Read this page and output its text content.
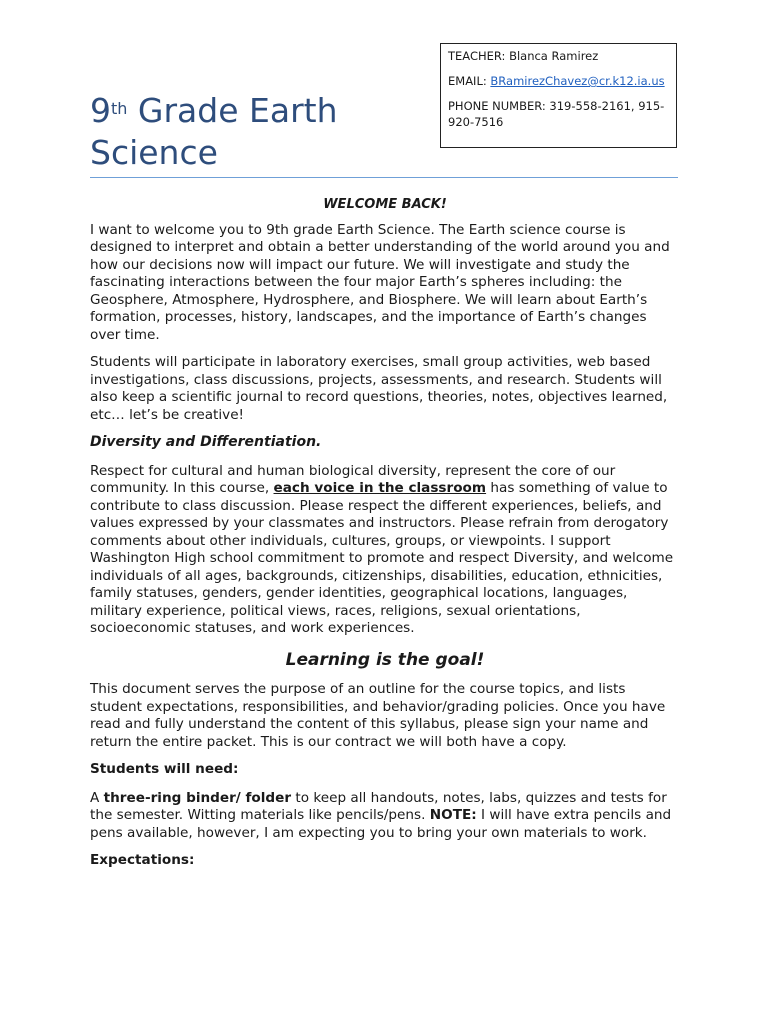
TEACHER: Blanca Ramirez

EMAIL: BRamirezChavez@cr.k12.ia.us

PHONE NUMBER: 319-558-2161, 915-920-7516

9th Grade Earth Science

WELCOME BACK!

I want to welcome you to 9th grade Earth Science. The Earth science course is designed to interpret and obtain a better understanding of the world around you and how our decisions now will impact our future. We will investigate and study the fascinating interactions between the four major Earth’s spheres including: the Geosphere, Atmosphere, Hydrosphere, and Biosphere. We will learn about Earth’s formation, processes, history, landscapes, and the importance of Earth’s changes over time.

Students will participate in laboratory exercises, small group activities, web based investigations, class discussions, projects, assessments, and research. Students will also keep a scientific journal to record questions, theories, notes, objectives learned, etc… let’s be creative!

Diversity and Differentiation.

Respect for cultural and human biological diversity, represent the core of our community. In this course, each voice in the classroom has something of value to contribute to class discussion. Please respect the different experiences, beliefs, and values expressed by your classmates and instructors. Please refrain from derogatory comments about other individuals, cultures, groups, or viewpoints. I support Washington High school commitment to promote and respect Diversity, and welcome individuals of all ages, backgrounds, citizenships, disabilities, education, ethnicities, family statuses, genders, gender identities, geographical locations, languages, military experience, political views, races, religions, sexual orientations, socioeconomic statuses, and work experiences.

Learning is the goal!

This document serves the purpose of an outline for the course topics, and lists student expectations, responsibilities, and behavior/grading policies. Once you have read and fully understand the content of this syllabus, please sign your name and return the entire packet. This is our contract we will both have a copy.

Students will need:

A three-ring binder/ folder to keep all handouts, notes, labs, quizzes and tests for the semester. Witting materials like pencils/pens. NOTE: I will have extra pencils and pens available, however, I am expecting you to bring your own materials to work.

Expectations:
